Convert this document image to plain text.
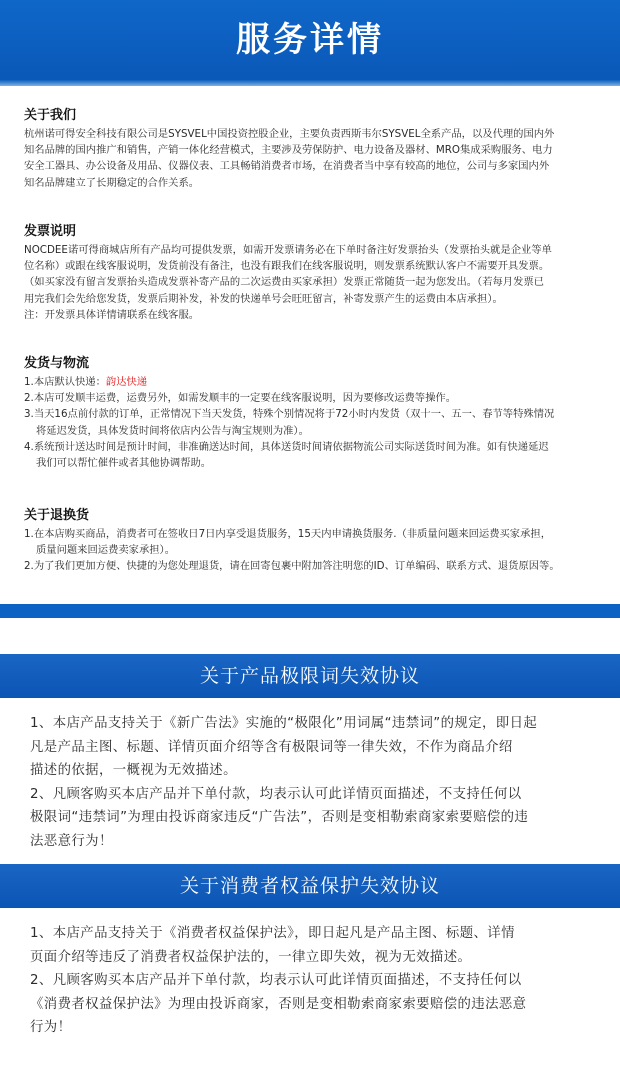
服务详情
关于我们

杭州诺可得安全科技有限公司是SYSVEL中国投资控股企业，主要负责西斯韦尔SYSVEL全系产品，以及代理的国内外

知名品牌的国内推广和销售，产销一体化经营模式，主要涉及劳保防护、电力设备及器材、MRO集成采购服务、电力

安全工器具、办公设备及用品、仪器仪表、工具畅销消费者市场，在消费者当中享有较高的地位，公司与多家国内外

知名品牌建立了长期稳定的合作关系。

发票说明

NOCDEE诺可得商城店所有产品均可提供发票，如需开发票请务必在下单时备注好发票抬头（发票抬头就是企业等单

位名称）或跟在线客服说明，发货前没有备注，也没有跟我们在线客服说明，则发票系统默认客户不需要开具发票。

（如买家没有留言发票抬头造成发票补寄产品的二次运费由买家承担）发票正常随货一起为您发出。（若每月发票已

用完我们会先给您发货，发票后期补发，补发的快递单号会旺旺留言，补寄发票产生的运费由本店承担）。

注：开发票具体详情请联系在线客服。

发货与物流

1.本店默认快递：韵达快递

2.本店可发顺丰运费，运费另外，如需发顺丰的一定要在线客服说明，因为要修改运费等操作。

3.当天16点前付款的订单，正常情况下当天发货，特殊个别情况将于72小时内发货（双十一、五一、春节等特殊情况

将延迟发货，具体发货时间将依店内公告与淘宝规则为准）。

4.系统预计送达时间是预计时间，非准确送达时间，具体送货时间请依据物流公司实际送货时间为准。如有快递延迟

我们可以帮忙催件或者其他协调帮助。

关于退换货

1.在本店购买商品，消费者可在签收日7日内享受退货服务，15天内申请换货服务.（非质量问题来回运费买家承担，

质量问题来回运费卖家承担）。

2.为了我们更加方便、快捷的为您处理退货，请在回寄包裹中附加答注明您的ID、订单编码、联系方式、退货原因等。

关于产品极限词失效协议

1、本店产品支持关于《新广告法》实施的“极限化”用词属“违禁词”的规定，即日起

凡是产品主图、标题、详情页面介绍等含有极限词等一律失效，不作为商品介绍

描述的依据，一概视为无效描述。

2、凡顾客购买本店产品并下单付款，均表示认可此详情页面描述，不支持任何以

极限词“违禁词”为理由投诉商家违反“广告法”，否则是变相勒索商家索要赔偿的违

法恶意行为！

关于消费者权益保护失效协议

1、本店产品支持关于《消费者权益保护法》，即日起凡是产品主图、标题、详情

页面介绍等违反了消费者权益保护法的，一律立即失效，视为无效描述。

2、凡顾客购买本店产品并下单付款，均表示认可此详情页面描述，不支持任何以

《消费者权益保护法》为理由投诉商家，否则是变相勒索商家索要赔偿的违法恶意

行为！
